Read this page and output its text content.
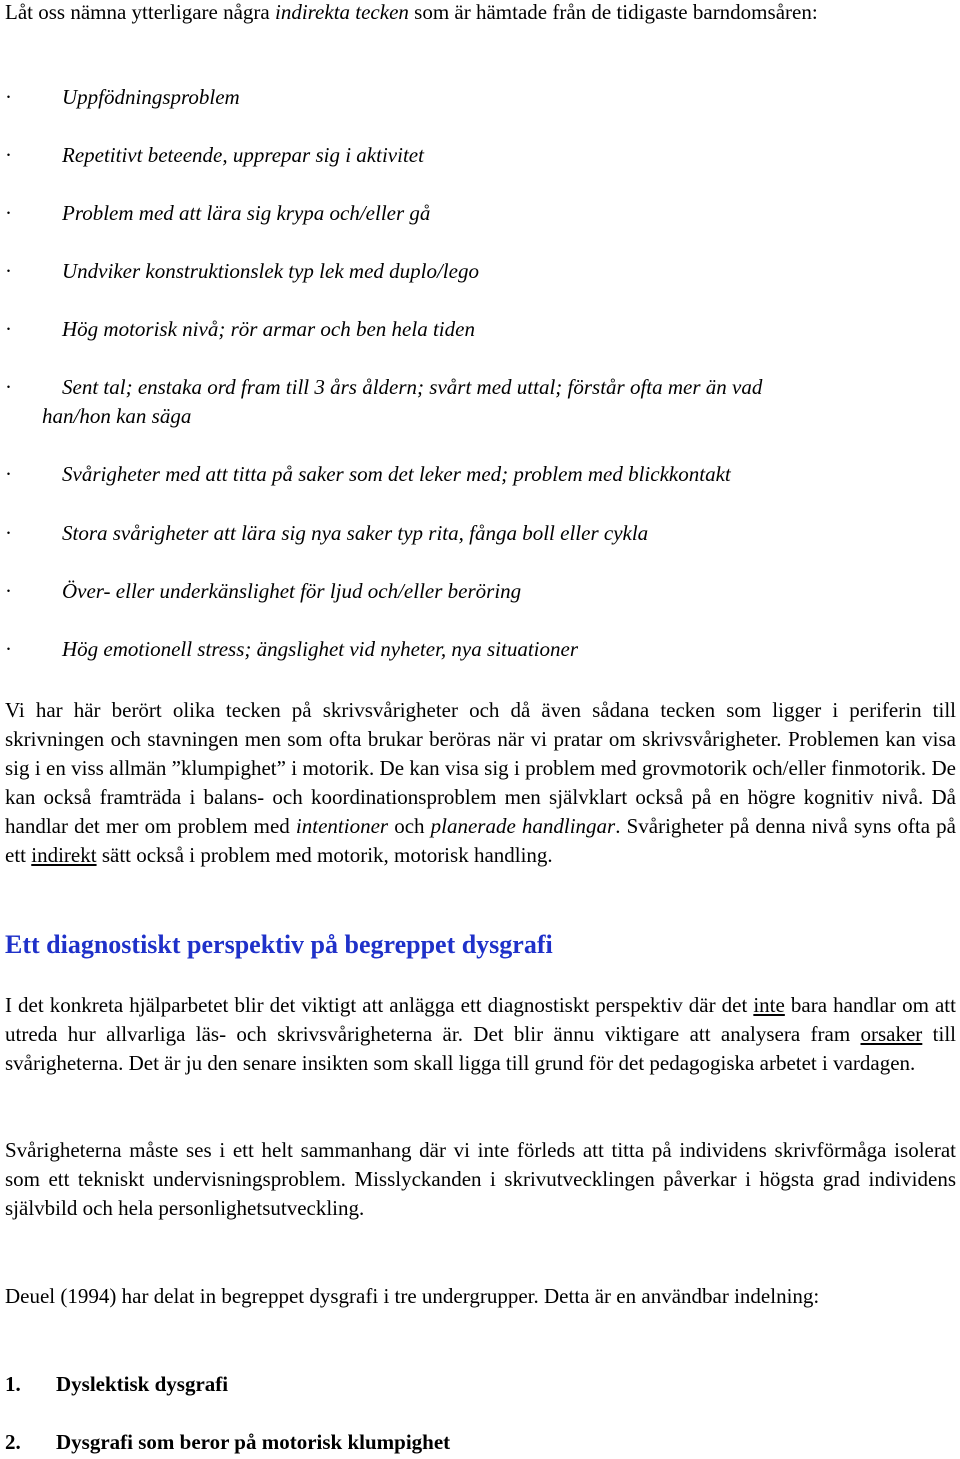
Låt oss nämna ytterligare några indirekta tecken som är hämtade från de tidigaste barndomsåren:

· Uppfödningsproblem
· Repetitivt beteende, upprepar sig i aktivitet
· Problem med att lära sig krypa och/eller gå
· Undviker konstruktionslek typ lek med duplo/lego
· Hög motorisk nivå; rör armar och ben hela tiden
· Sent tal; enstaka ord fram till 3 års åldern; svårt med uttal; förstår ofta mer än vad
han/hon kan säga
· Svårigheter med att titta på saker som det leker med; problem med blickkontakt
· Stora svårigheter att lära sig nya saker typ rita, fånga boll eller cykla
· Över- eller underkänslighet för ljud och/eller beröring
· Hög emotionell stress; ängslighet vid nyheter, nya situationer

Vi har här berört olika tecken på skrivsvårigheter och då även sådana tecken som ligger i periferin till skrivningen och stavningen men som ofta brukar beröras när vi pratar om skrivsvårigheter. Problemen kan visa sig i en viss allmän ”klumpighet” i motorik. De kan visa sig i problem med grovmotorik och/eller finmotorik. De kan också framträda i balans- och koordinationsproblem men självklart också på en högre kognitiv nivå. Då handlar det mer om problem med intentioner och planerade handlingar. Svårigheter på denna nivå syns ofta på ett indirekt sätt också i problem med motorik, motorisk handling.

Ett diagnostiskt perspektiv på begreppet dysgrafi

I det konkreta hjälparbetet blir det viktigt att anlägga ett diagnostiskt perspektiv där det inte bara handlar om att utreda hur allvarliga läs- och skrivsvårigheterna är. Det blir ännu viktigare att analysera fram orsaker till svårigheterna. Det är ju den senare insikten som skall ligga till grund för det pedagogiska arbetet i vardagen.

Svårigheterna måste ses i ett helt sammanhang där vi inte förleds att titta på individens skrivförmåga isolerat som ett tekniskt undervisningsproblem. Misslyckanden i skrivutvecklingen påverkar i högsta grad individens självbild och hela personlighetsutveckling.

Deuel (1994) har delat in begreppet dysgrafi i tre undergrupper. Detta är en användbar indelning:

1. Dyslektisk dysgrafi
2. Dysgrafi som beror på motorisk klumpighet
